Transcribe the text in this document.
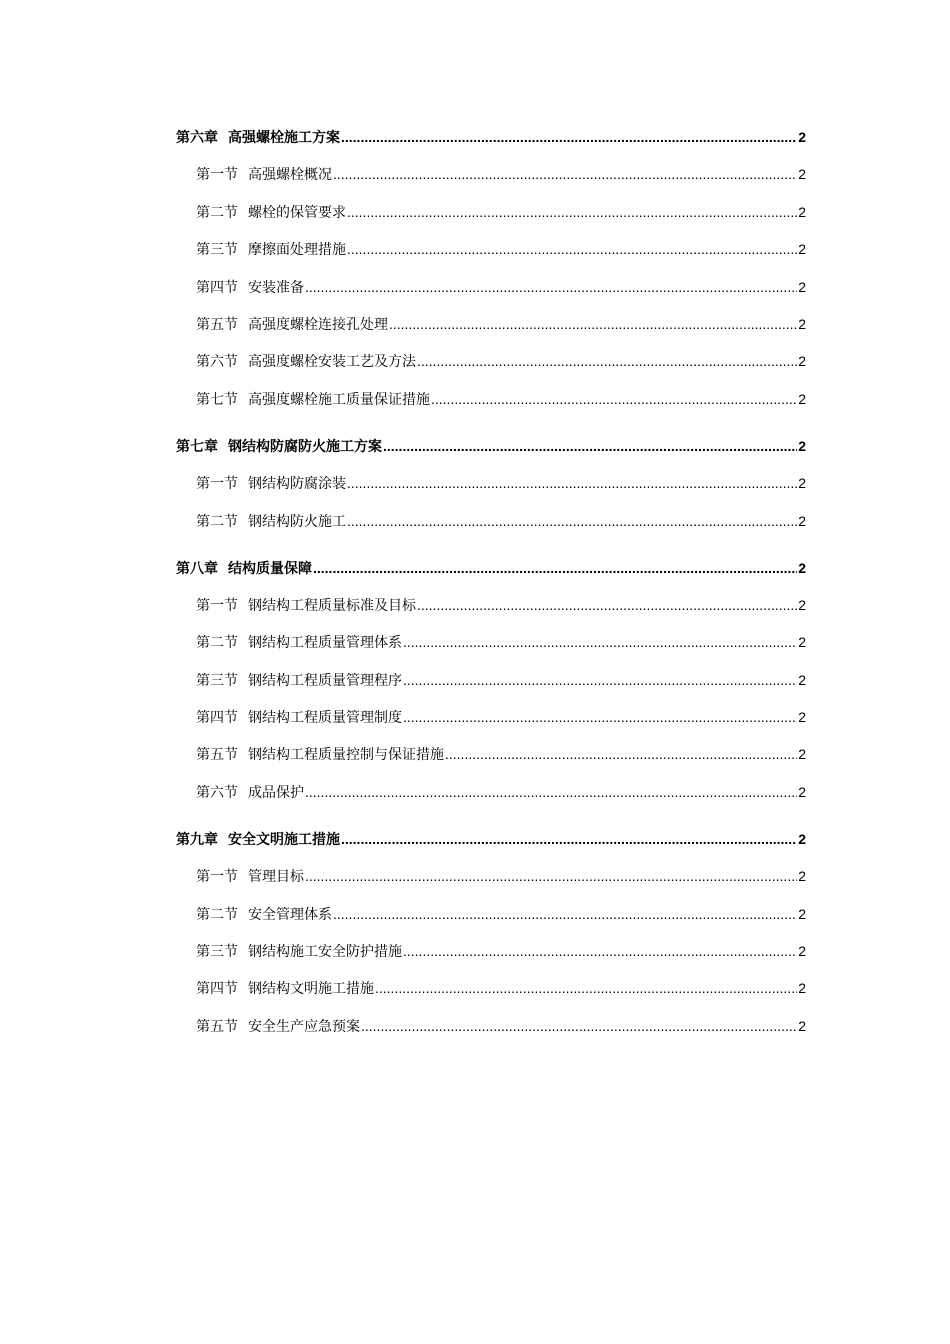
第六章 高强螺栓施工方案 .....	2
第一节 高强螺栓概况 .....	2
第二节 螺栓的保管要求 .....	2
第三节 摩擦面处理措施 .....	2
第四节 安装准备 .....	2
第五节 高强度螺栓连接孔处理 .....	2
第六节 高强度螺栓安装工艺及方法 .....	2
第七节 高强度螺栓施工质量保证措施 .....	2
第七章 钢结构防腐防火施工方案 .....	2
第一节 钢结构防腐涂装 .....	2
第二节 钢结构防火施工 .....	2
第八章 结构质量保障 .....	2
第一节 钢结构工程质量标准及目标 .....	2
第二节 钢结构工程质量管理体系 .....	2
第三节 钢结构工程质量管理程序 .....	2
第四节 钢结构工程质量管理制度 .....	2
第五节 钢结构工程质量控制与保证措施 .....	2
第六节 成品保护 .....	2
第九章 安全文明施工措施 .....	2
第一节 管理目标 .....	2
第二节 安全管理体系 .....	2
第三节 钢结构施工安全防护措施 .....	2
第四节 钢结构文明施工措施 .....	2
第五节 安全生产应急预案 .....	2
